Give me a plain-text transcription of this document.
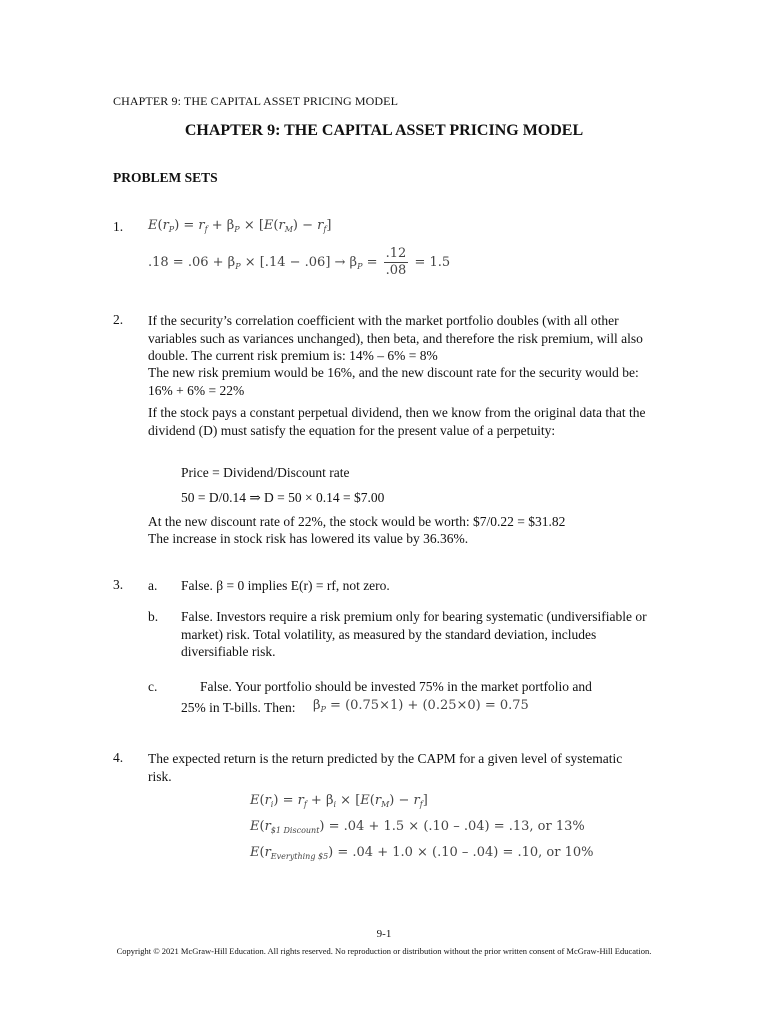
CHAPTER 9: THE CAPITAL ASSET PRICING MODEL
CHAPTER 9: THE CAPITAL ASSET PRICING MODEL
PROBLEM SETS
1. $E(r_P) = r_f + \beta_P \times [E(r_M) - r_f]$
$.18 = .06 + \beta_P \times [.14 - .06] \to \beta_P = \frac{.12}{.08} = 1.5$
2. If the security’s correlation coefficient with the market portfolio doubles (with all other variables such as variances unchanged), then beta, and therefore the risk premium, will also double. The current risk premium is: 14% – 6% = 8%
The new risk premium would be 16%, and the new discount rate for the security would be: 16% + 6% = 22%
If the stock pays a constant perpetual dividend, then we know from the original data that the dividend (D) must satisfy the equation for the present value of a perpetuity:
Price = Dividend/Discount rate
50 = D/0.14 ⇒ D = 50 × 0.14 = $7.00
At the new discount rate of 22%, the stock would be worth: $7/0.22 = $31.82
The increase in stock risk has lowered its value by 36.36%.
3. a. False. β = 0 implies E(r) = rf, not zero.
b. False. Investors require a risk premium only for bearing systematic (undiversifiable or market) risk. Total volatility, as measured by the standard deviation, includes diversifiable risk.
c.	False. Your portfolio should be invested 75% in the market portfolio and
25% in T-bills. Then: $\beta_P = (0.75\times 1) + (0.25\times 0) = 0.75$
4. The expected return is the return predicted by the CAPM for a given level of systematic risk.
$E(r_i) = r_f + \beta_i \times [E(r_M) - r_f]$
$E(r_{\$1 Discount}) = .04 + 1.5 \times (.10 - .04) = .13$, or 13%
$E(r_{Everything \$5}) = .04 + 1.0 \times (.10 - .04) = .10$, or 10%
9-1
Copyright © 2021 McGraw-Hill Education. All rights reserved. No reproduction or distribution without the prior written consent of McGraw-Hill Education.
